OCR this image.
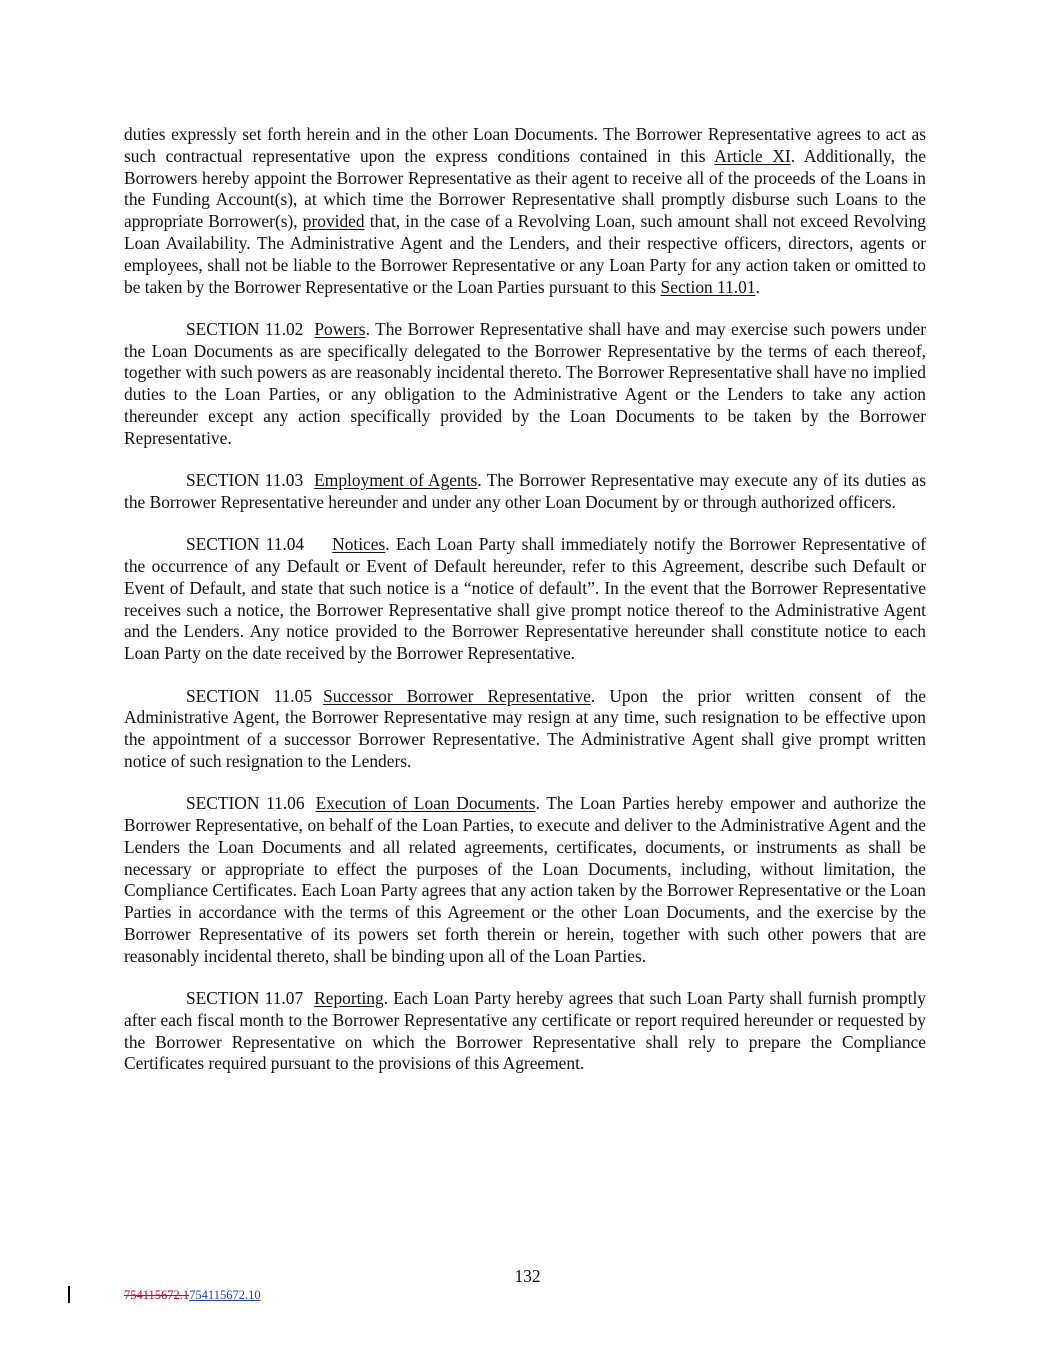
duties expressly set forth herein and in the other Loan Documents. The Borrower Representative agrees to act as such contractual representative upon the express conditions contained in this Article XI. Additionally, the Borrowers hereby appoint the Borrower Representative as their agent to receive all of the proceeds of the Loans in the Funding Account(s), at which time the Borrower Representative shall promptly disburse such Loans to the appropriate Borrower(s), provided that, in the case of a Revolving Loan, such amount shall not exceed Revolving Loan Availability. The Administrative Agent and the Lenders, and their respective officers, directors, agents or employees, shall not be liable to the Borrower Representative or any Loan Party for any action taken or omitted to be taken by the Borrower Representative or the Loan Parties pursuant to this Section 11.01.

SECTION 11.02 Powers. The Borrower Representative shall have and may exercise such powers under the Loan Documents as are specifically delegated to the Borrower Representative by the terms of each thereof, together with such powers as are reasonably incidental thereto. The Borrower Representative shall have no implied duties to the Loan Parties, or any obligation to the Administrative Agent or the Lenders to take any action thereunder except any action specifically provided by the Loan Documents to be taken by the Borrower Representative.

SECTION 11.03 Employment of Agents. The Borrower Representative may execute any of its duties as the Borrower Representative hereunder and under any other Loan Document by or through authorized officers.

SECTION 11.04 Notices. Each Loan Party shall immediately notify the Borrower Representative of the occurrence of any Default or Event of Default hereunder, refer to this Agreement, describe such Default or Event of Default, and state that such notice is a “notice of default”. In the event that the Borrower Representative receives such a notice, the Borrower Representative shall give prompt notice thereof to the Administrative Agent and the Lenders. Any notice provided to the Borrower Representative hereunder shall constitute notice to each Loan Party on the date received by the Borrower Representative.

SECTION 11.05 Successor Borrower Representative. Upon the prior written consent of the Administrative Agent, the Borrower Representative may resign at any time, such resignation to be effective upon the appointment of a successor Borrower Representative. The Administrative Agent shall give prompt written notice of such resignation to the Lenders.

SECTION 11.06 Execution of Loan Documents. The Loan Parties hereby empower and authorize the Borrower Representative, on behalf of the Loan Parties, to execute and deliver to the Administrative Agent and the Lenders the Loan Documents and all related agreements, certificates, documents, or instruments as shall be necessary or appropriate to effect the purposes of the Loan Documents, including, without limitation, the Compliance Certificates. Each Loan Party agrees that any action taken by the Borrower Representative or the Loan Parties in accordance with the terms of this Agreement or the other Loan Documents, and the exercise by the Borrower Representative of its powers set forth therein or herein, together with such other powers that are reasonably incidental thereto, shall be binding upon all of the Loan Parties.

SECTION 11.07 Reporting. Each Loan Party hereby agrees that such Loan Party shall furnish promptly after each fiscal month to the Borrower Representative any certificate or report required hereunder or requested by the Borrower Representative on which the Borrower Representative shall rely to prepare the Compliance Certificates required pursuant to the provisions of this Agreement.

132
754115672.1754115672.10
